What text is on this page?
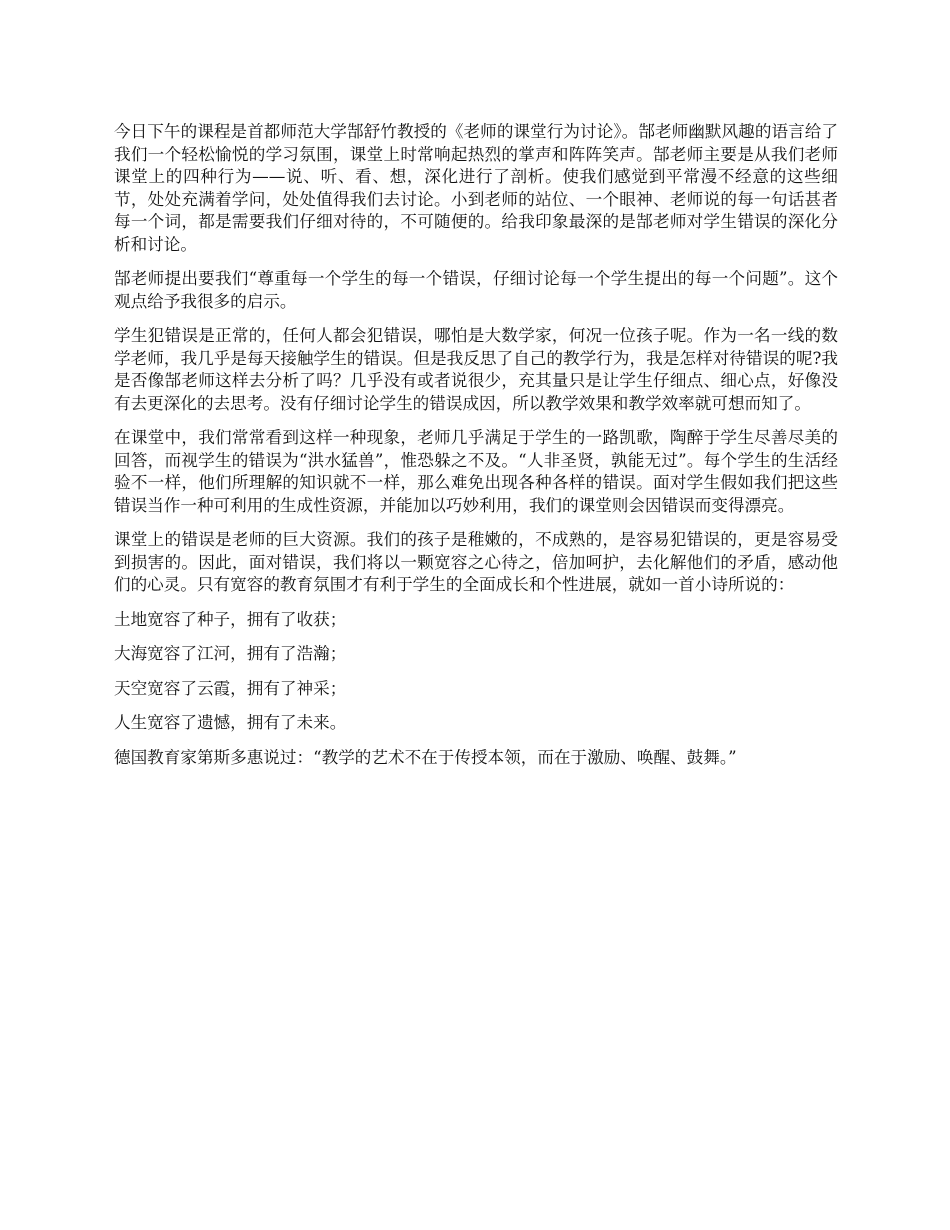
今日下午的课程是首都师范大学郜舒竹教授的《老师的课堂行为讨论》。郜老师幽默风趣的语言给了我们一个轻松愉悦的学习氛围，课堂上时常响起热烈的掌声和阵阵笑声。郜老师主要是从我们老师课堂上的四种行为——说、听、看、想，深化进行了剖析。使我们感觉到平常漫不经意的这些细节，处处充满着学问，处处值得我们去讨论。小到老师的站位、一个眼神、老师说的每一句话甚者每一个词，都是需要我们仔细对待的，不可随便的。给我印象最深的是郜老师对学生错误的深化分析和讨论。

郜老师提出要我们“尊重每一个学生的每一个错误，仔细讨论每一个学生提出的每一个问题”。这个观点给予我很多的启示。

学生犯错误是正常的，任何人都会犯错误，哪怕是大数学家，何况一位孩子呢。作为一名一线的数学老师，我几乎是每天接触学生的错误。但是我反思了自己的教学行为，我是怎样对待错误的呢?我是否像郜老师这样去分析了吗？几乎没有或者说很少，充其量只是让学生仔细点、细心点，好像没有去更深化的去思考。没有仔细讨论学生的错误成因，所以教学效果和教学效率就可想而知了。

在课堂中，我们常常看到这样一种现象，老师几乎满足于学生的一路凯歌，陶醉于学生尽善尽美的回答，而视学生的错误为“洪水猛兽”，惟恐躲之不及。“人非圣贤，孰能无过”。每个学生的生活经验不一样，他们所理解的知识就不一样，那么难免出现各种各样的错误。面对学生假如我们把这些错误当作一种可利用的生成性资源，并能加以巧妙利用，我们的课堂则会因错误而变得漂亮。

课堂上的错误是老师的巨大资源。我们的孩子是稚嫩的，不成熟的，是容易犯错误的，更是容易受到损害的。因此，面对错误，我们将以一颗宽容之心待之，倍加呵护，去化解他们的矛盾，感动他们的心灵。只有宽容的教育氛围才有利于学生的全面成长和个性进展，就如一首小诗所说的：

土地宽容了种子，拥有了收获；

大海宽容了江河，拥有了浩瀚；

天空宽容了云霞，拥有了神采；

人生宽容了遗憾，拥有了未来。

德国教育家第斯多惠说过：“教学的艺术不在于传授本领，而在于激励、唤醒、鼓舞。”
